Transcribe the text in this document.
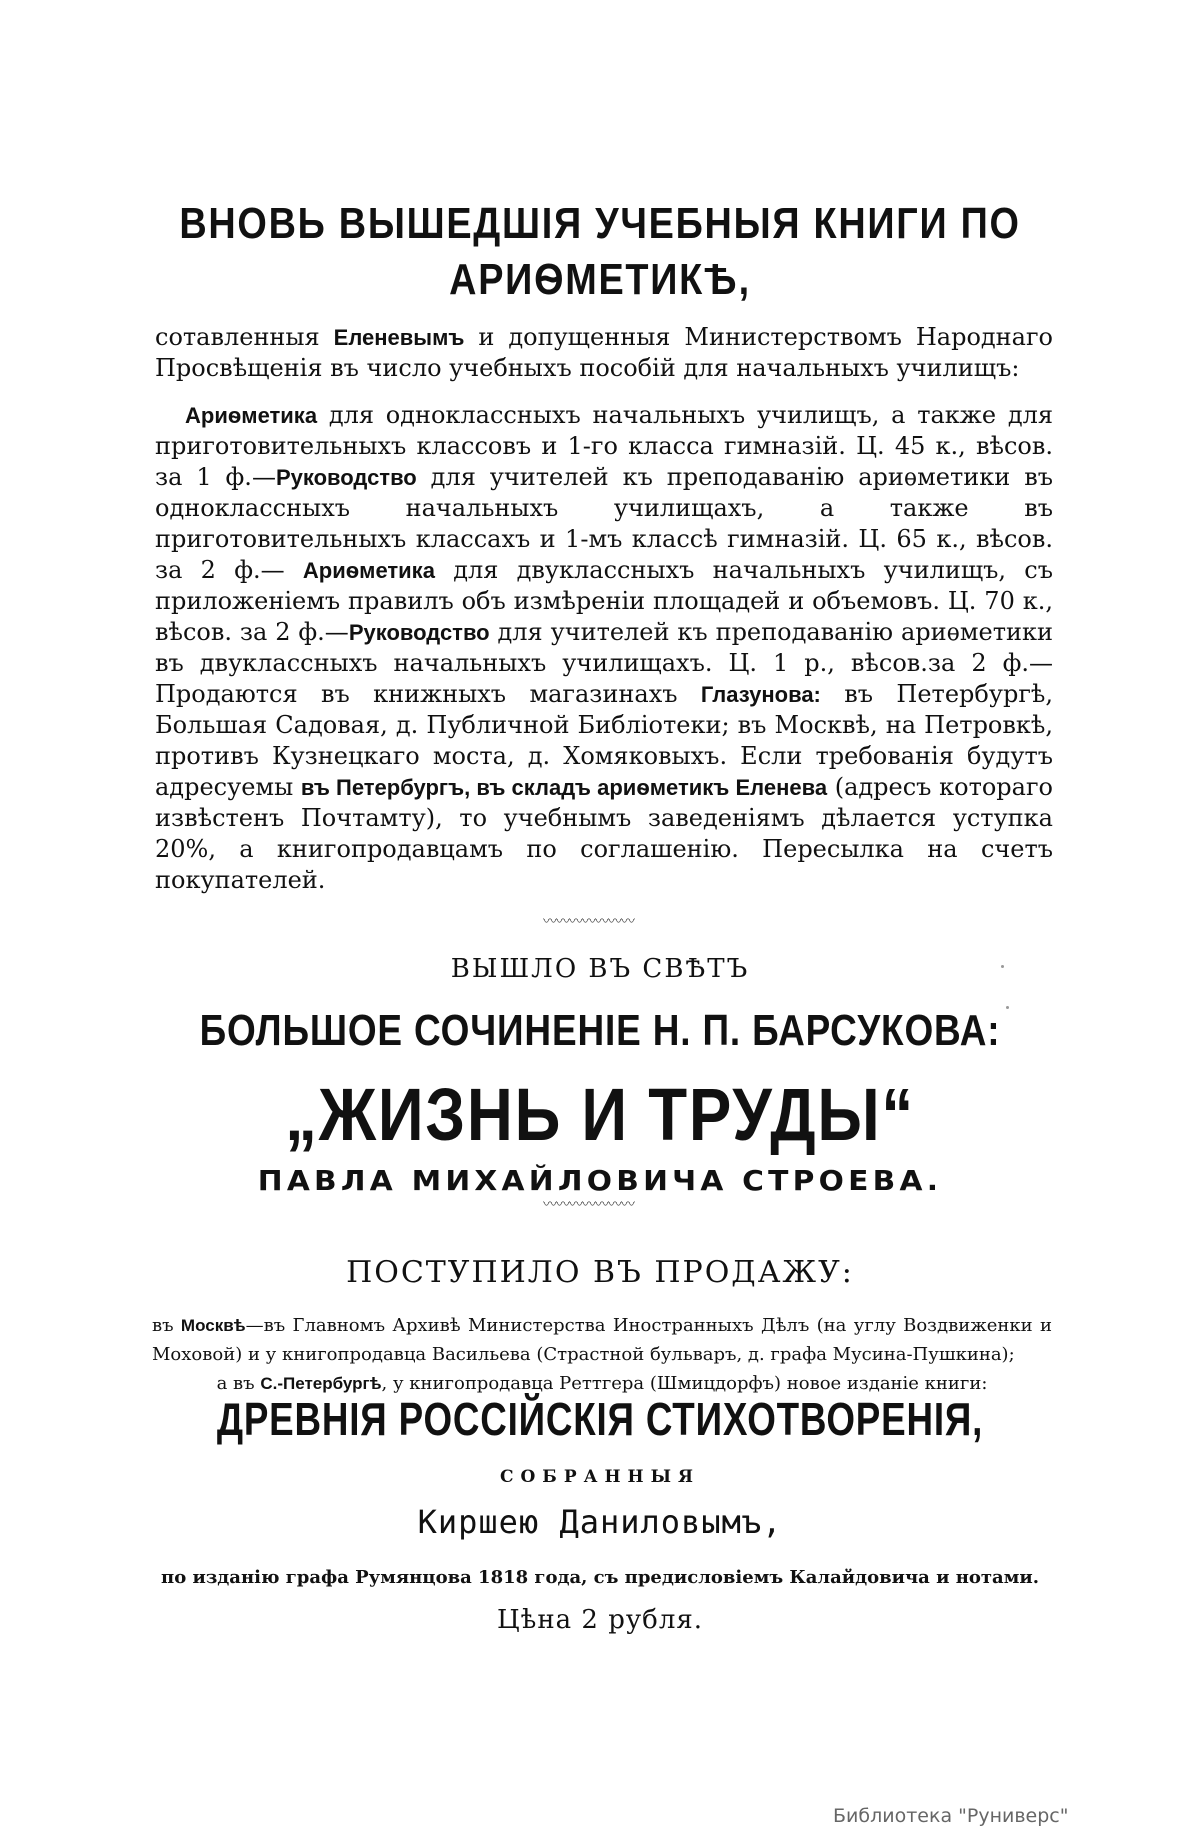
ВНОВЬ ВЫШЕДШІЯ УЧЕБНЫЯ КНИГИ ПО
АРИѲМЕТИКѢ,
сотавленныя Еленевымъ и допущенныя Министерствомъ Народнаго Просвѣщенія въ число учебныхъ пособій для начальныхъ училищъ:
Ариѳметика для одноклассныхъ начальныхъ училищъ, а также для приготовительныхъ классовъ и 1-го класса гимназій. Ц. 45 к., вѣсов. за 1 ф.—Руководство для учителей къ преподаванію ариѳметики въ одноклассныхъ начальныхъ училищахъ, а также въ приготовительныхъ классахъ и 1-мъ классѣ гимназій. Ц. 65 к., вѣсов. за 2 ф.— Ариѳметика для двуклассныхъ начальныхъ училищъ, съ приложеніемъ правилъ объ измѣреніи площадей и объемовъ. Ц. 70 к., вѣсов. за 2 ф.—Руководство для учителей къ преподаванію ариѳметики въ двуклассныхъ начальныхъ училищахъ. Ц. 1 р., вѣсов.за 2 ф.— Продаются въ книжныхъ магазинахъ Глазунова: въ Петербургѣ, Большая Садовая, д. Публичной Библіотеки; въ Москвѣ, на Петровкѣ, противъ Кузнецкаго моста, д. Хомяковыхъ. Если требованія будутъ адресуемы въ Петербургъ, въ складъ ариѳметикъ Еленева (адресъ котораго извѣстенъ Почтамту), то учебнымъ заведеніямъ дѣлается уступка 20%, а книгопродавцамъ по соглашенію. Пересылка на счетъ покупателей.
〰〰〰〰〰〰〰
ВЫШЛО ВЪ СВѢТЪ
БОЛЬШОЕ СОЧИНЕНІЕ Н. П. БАРСУКОВА:
„ЖИЗНЬ И ТРУДЫ“
ПАВЛА МИХАЙЛОВИЧА СТРОЕВА.
〰〰〰〰〰〰〰
ПОСТУПИЛО ВЪ ПРОДАЖУ:
въ Москвѣ—въ Главномъ Архивѣ Министерства Иностранныхъ Дѣлъ (на углу Воздвиженки и Моховой) и у книгопродавца Васильева (Страстной бульваръ, д. графа Мусина-Пушкина);
а въ С.-Петербургѣ, у книгопродавца Реттгера (Шмицдорфъ) новое изданіе книги:
ДРЕВНІЯ РОССІЙСКІЯ СТИХОТВОРЕНІЯ,
СОБРАННЫЯ
Киршею Даниловымъ,
по изданію графа Румянцова 1818 года, съ предисловіемъ Калайдовича и нотами.
Цѣна 2 рубля.
Библиотека "Руниверс"
